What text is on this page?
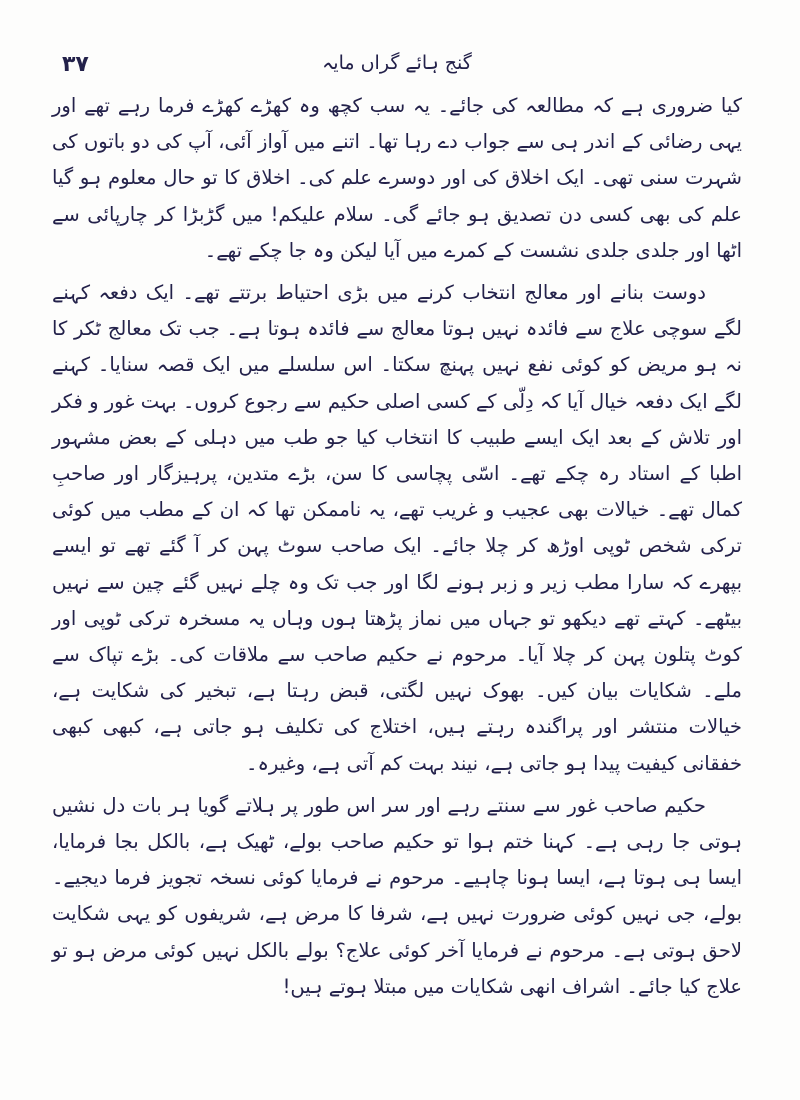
۳۷	گنج ہائے گراں مایہ

کیا ضروری ہے کہ مطالعہ کی جائے۔ یہ سب کچھ وہ کھڑے کھڑے فرما رہے تھے اور یہی رضائی کے اندر ہی سے جواب دے رہا تھا۔ اتنے میں آواز آئی، آپ کی دو باتوں کی شہرت سنی تھی۔ ایک اخلاق کی اور دوسرے علم کی۔ اخلاق کا تو حال معلوم ہو گیا علم کی بھی کسی دن تصدیق ہو جائے گی۔ سلام علیکم! میں گڑبڑا کر چارپائی سے اٹھا اور جلدی جلدی نشست کے کمرے میں آیا لیکن وہ جا چکے تھے۔

دوست بنانے اور معالج انتخاب کرنے میں بڑی احتیاط برتتے تھے۔ ایک دفعہ کہنے لگے سوچی علاج سے فائدہ نہیں ہوتا معالج سے فائدہ ہوتا ہے۔ جب تک معالج ٹکر کا نہ ہو مریض کو کوئی نفع نہیں پہنچ سکتا۔ اس سلسلے میں ایک قصہ سنایا۔ کہنے لگے ایک دفعہ خیال آیا کہ دِلّی کے کسی اصلی حکیم سے رجوع کروں۔ بہت غور و فکر اور تلاش کے بعد ایک ایسے طبیب کا انتخاب کیا جو طب میں دہلی کے بعض مشہور اطبا کے استاد رہ چکے تھے۔ اسّی پچاسی کا سن، بڑے متدین، پرہیزگار اور صاحبِ کمال تھے۔ خیالات بھی عجیب و غریب تھے، یہ ناممکن تھا کہ ان کے مطب میں کوئی ترکی شخص ٹوپی اوڑھ کر چلا جائے۔ ایک صاحب سوٹ پہن کر آ گئے تھے تو ایسے بپھرے کہ سارا مطب زیر و زبر ہونے لگا اور جب تک وہ چلے نہیں گئے چین سے نہیں بیٹھے۔ کہتے تھے دیکھو تو جہاں میں نماز پڑھتا ہوں وہاں یہ مسخرہ ترکی ٹوپی اور کوٹ پتلون پہن کر چلا آیا۔ مرحوم نے حکیم صاحب سے ملاقات کی۔ بڑے تپاک سے ملے۔ شکایات بیان کیں۔ بھوک نہیں لگتی، قبض رہتا ہے، تبخیر کی شکایت ہے، خیالات منتشر اور پراگندہ رہتے ہیں، اختلاج کی تکلیف ہو جاتی ہے، کبھی کبھی خفقانی کیفیت پیدا ہو جاتی ہے، نیند بہت کم آتی ہے، وغیرہ۔

حکیم صاحب غور سے سنتے رہے اور سر اس طور پر ہلاتے گویا ہر بات دل نشیں ہوتی جا رہی ہے۔ کہنا ختم ہوا تو حکیم صاحب بولے، ٹھیک ہے، بالکل بجا فرمایا، ایسا ہی ہوتا ہے، ایسا ہونا چاہیے۔ مرحوم نے فرمایا کوئی نسخہ تجویز فرما دیجیے۔ بولے، جی نہیں کوئی ضرورت نہیں ہے، شرفا کا مرض ہے، شریفوں کو یہی شکایت لاحق ہوتی ہے۔ مرحوم نے فرمایا آخر کوئی علاج؟ بولے بالکل نہیں کوئی مرض ہو تو علاج کیا جائے۔ اشراف انھی شکایات میں مبتلا ہوتے ہیں!
